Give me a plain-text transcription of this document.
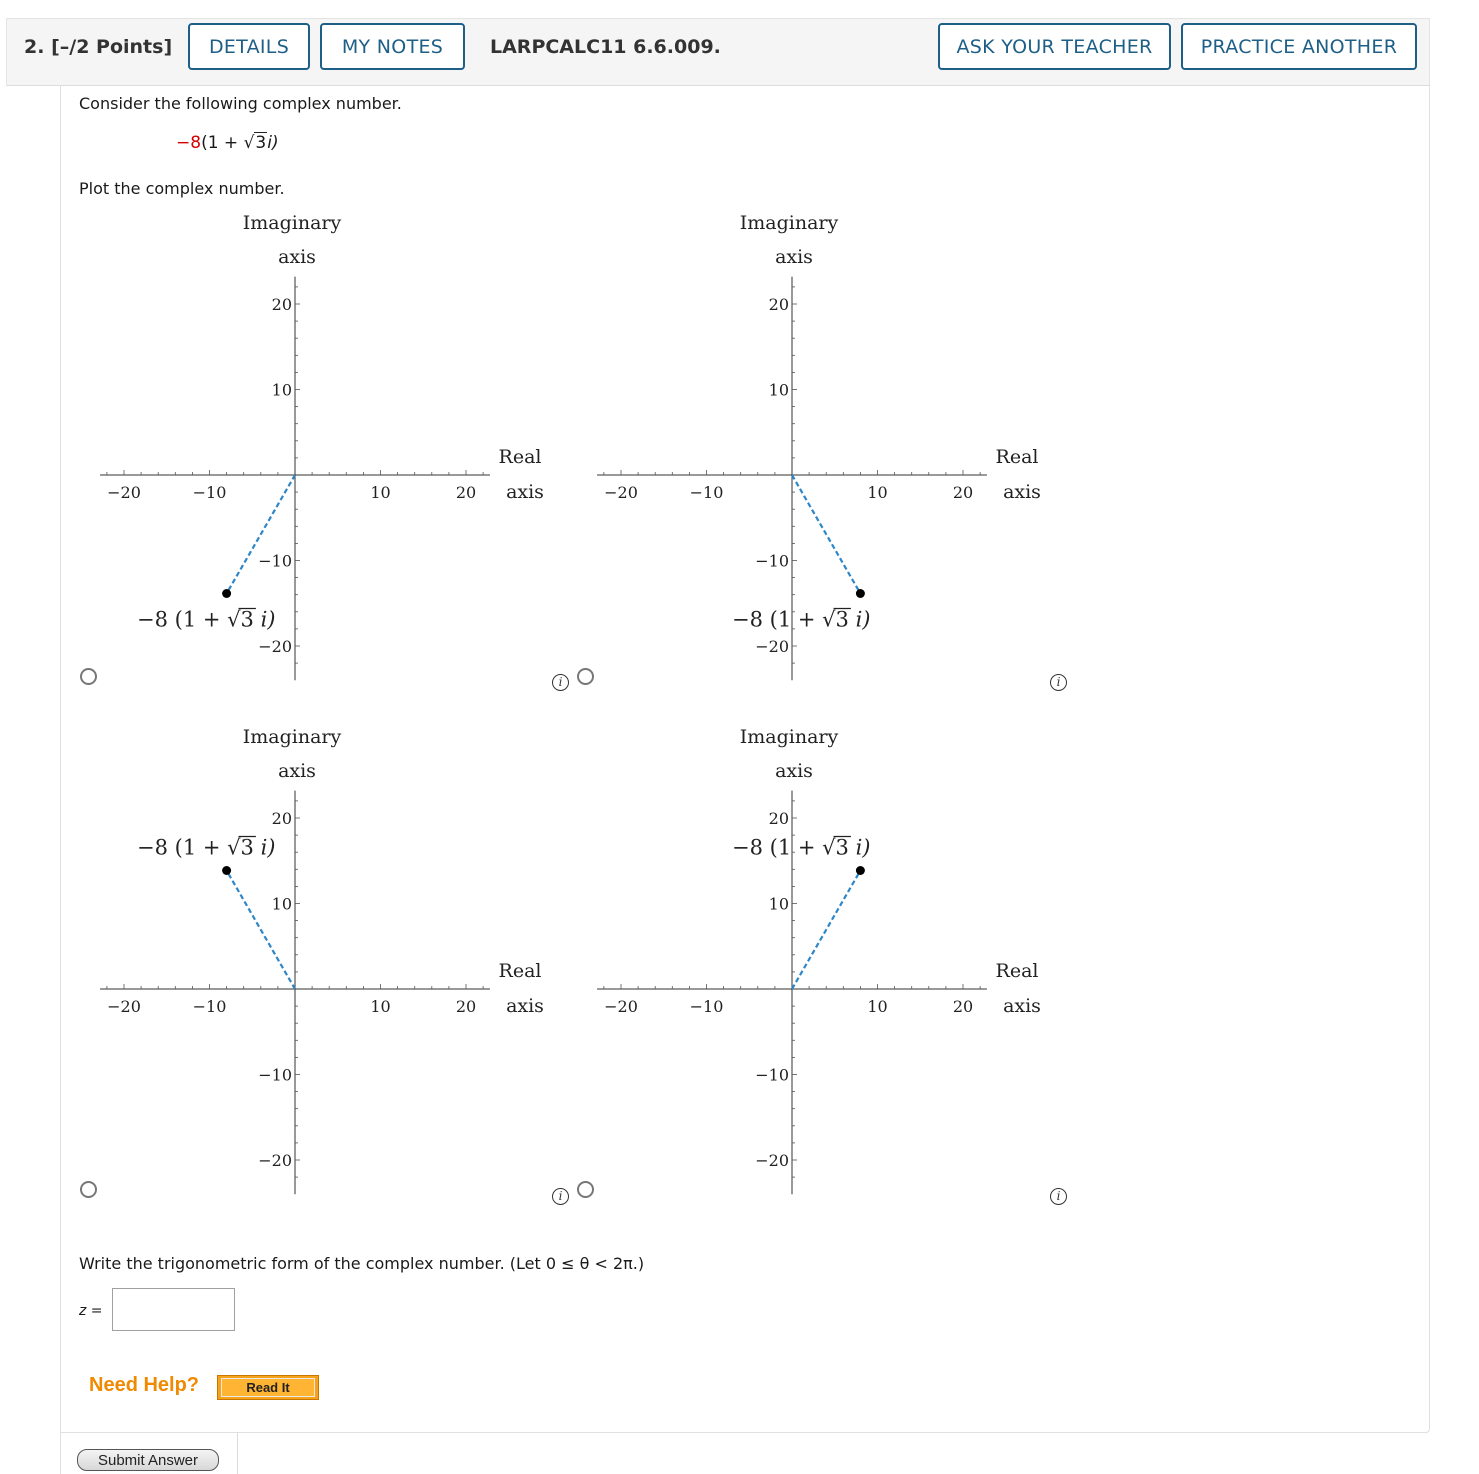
2. [–/2 Points]	DETAILS	MY NOTES	LARPCALC11 6.6.009.	ASK YOUR TEACHER	PRACTICE ANOTHER
Consider the following complex number.
−8(1 + √3i)
Plot the complex number.
−20
−20
−10
−10
10
10
20
20
Imaginary
axis
Real
axis
−8 (1 + √3 i)
−20
−20
−10
−10
10
10
20
20
Imaginary
axis
Real
axis
−8 (1 + √3 i)
−20
−20
−10
−10
10
10
20
20
Imaginary
axis
Real
axis
−8 (1 + √3 i)
−20
−20
−10
−10
10
10
20
20
Imaginary
axis
Real
axis
−8 (1 + √3 i)
i	i
i	i
Write the trigonometric form of the complex number. (Let 0 ≤ θ < 2π.)
z =
Need Help?	Read It
Submit Answer
